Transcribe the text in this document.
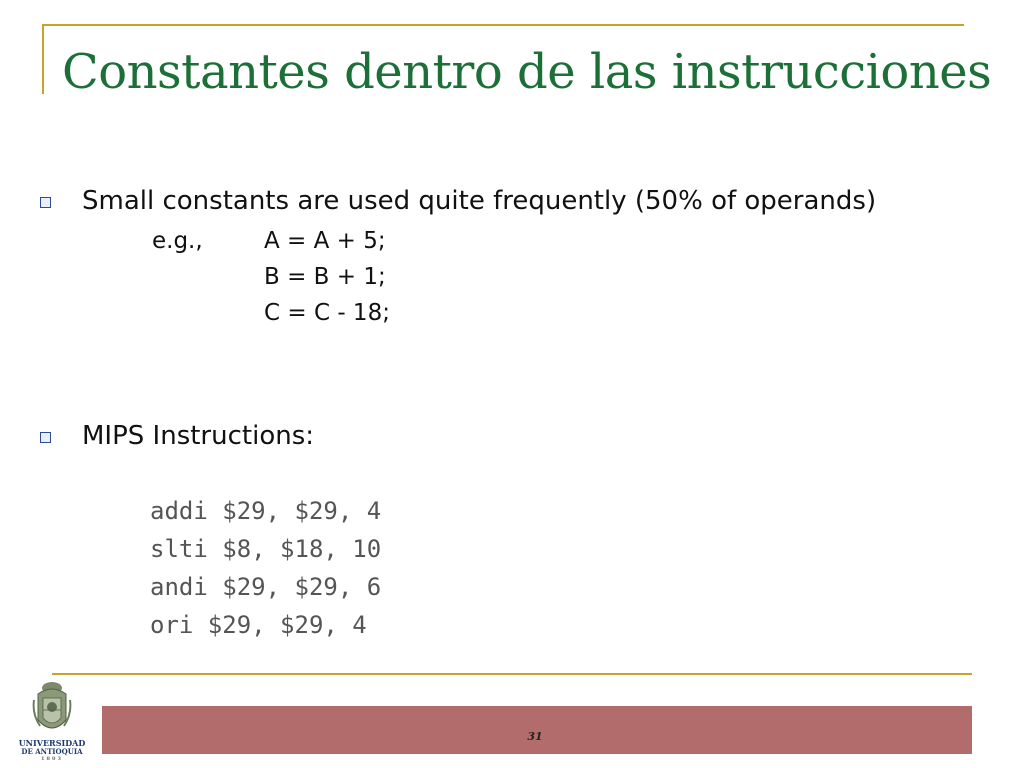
Constantes dentro de las instrucciones
Small constants are used quite frequently (50% of operands)
e.g.,	A = A + 5;
B = B + 1;
C = C - 18;
MIPS Instructions:
addi $29, $29, 4
slti $8, $18, 10
andi $29, $29, 6
ori $29, $29, 4
31
UNIVERSIDAD
DE ANTIOQUIA
1803
